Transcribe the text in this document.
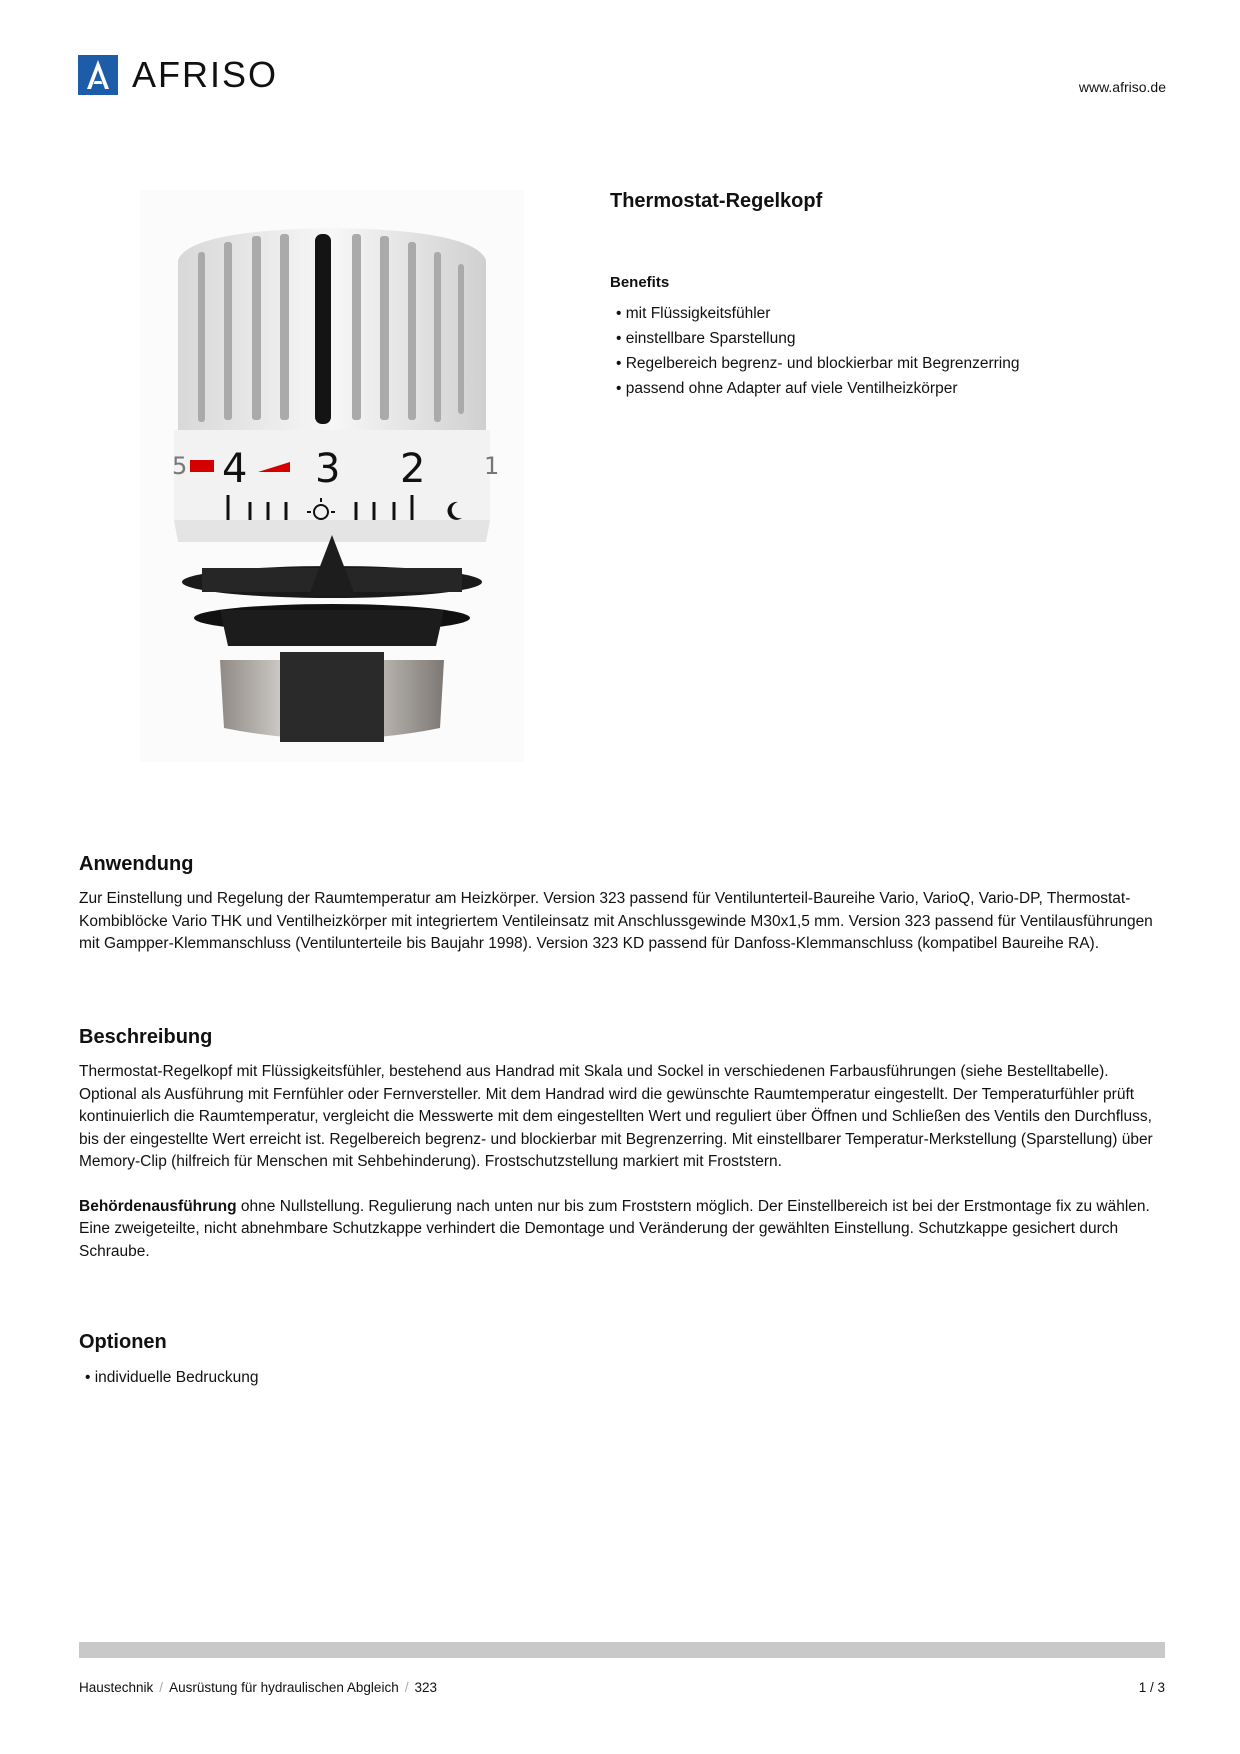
AFRISO	www.afriso.de
3
4	2
5	1
Thermostat-Regelkopf
Benefits
• mit Flüssigkeitsfühler
• einstellbare Sparstellung
• Regelbereich begrenz- und blockierbar mit Begrenzerring
• passend ohne Adapter auf viele Ventilheizkörper
Anwendung

Zur Einstellung und Regelung der Raumtemperatur am Heizkörper. Version 323 passend für Ventilunterteil-Baureihe Vario, VarioQ, Vario-DP, Thermostat-Kombiblöcke Vario THK und Ventilheizkörper mit integriertem Ventileinsatz mit Anschlussgewinde M30x1,5 mm. Version 323 passend für Ventilausführungen mit Gampper-Klemmanschluss (Ventilunterteile bis Baujahr 1998). Version 323 KD passend für Danfoss-Klemmanschluss (kompatibel Baureihe RA).

Beschreibung

Thermostat-Regelkopf mit Flüssigkeitsfühler, bestehend aus Handrad mit Skala und Sockel in verschiedenen Farbausführungen (siehe Bestelltabelle). Optional als Ausführung mit Fernfühler oder Fernversteller. Mit dem Handrad wird die gewünschte Raumtemperatur eingestellt. Der Temperaturfühler prüft kontinuierlich die Raumtemperatur, vergleicht die Messwerte mit dem eingestellten Wert und reguliert über Öffnen und Schließen des Ventils den Durchfluss, bis der eingestellte Wert erreicht ist. Regelbereich begrenz- und blockierbar mit Begrenzerring. Mit einstellbarer Temperatur-Merkstellung (Sparstellung) über Memory-Clip (hilfreich für Menschen mit Sehbehinderung). Frostschutzstellung markiert mit Froststern.

Behördenausführung ohne Nullstellung. Regulierung nach unten nur bis zum Froststern möglich. Der Einstellbereich ist bei der Erstmontage fix zu wählen. Eine zweigeteilte, nicht abnehmbare Schutzkappe verhindert die Demontage und Veränderung der gewählten Einstellung. Schutzkappe gesichert durch Schraube.

Optionen
• individuelle Bedruckung
Haustechnik / Ausrüstung für hydraulischen Abgleich / 323	1 / 3
